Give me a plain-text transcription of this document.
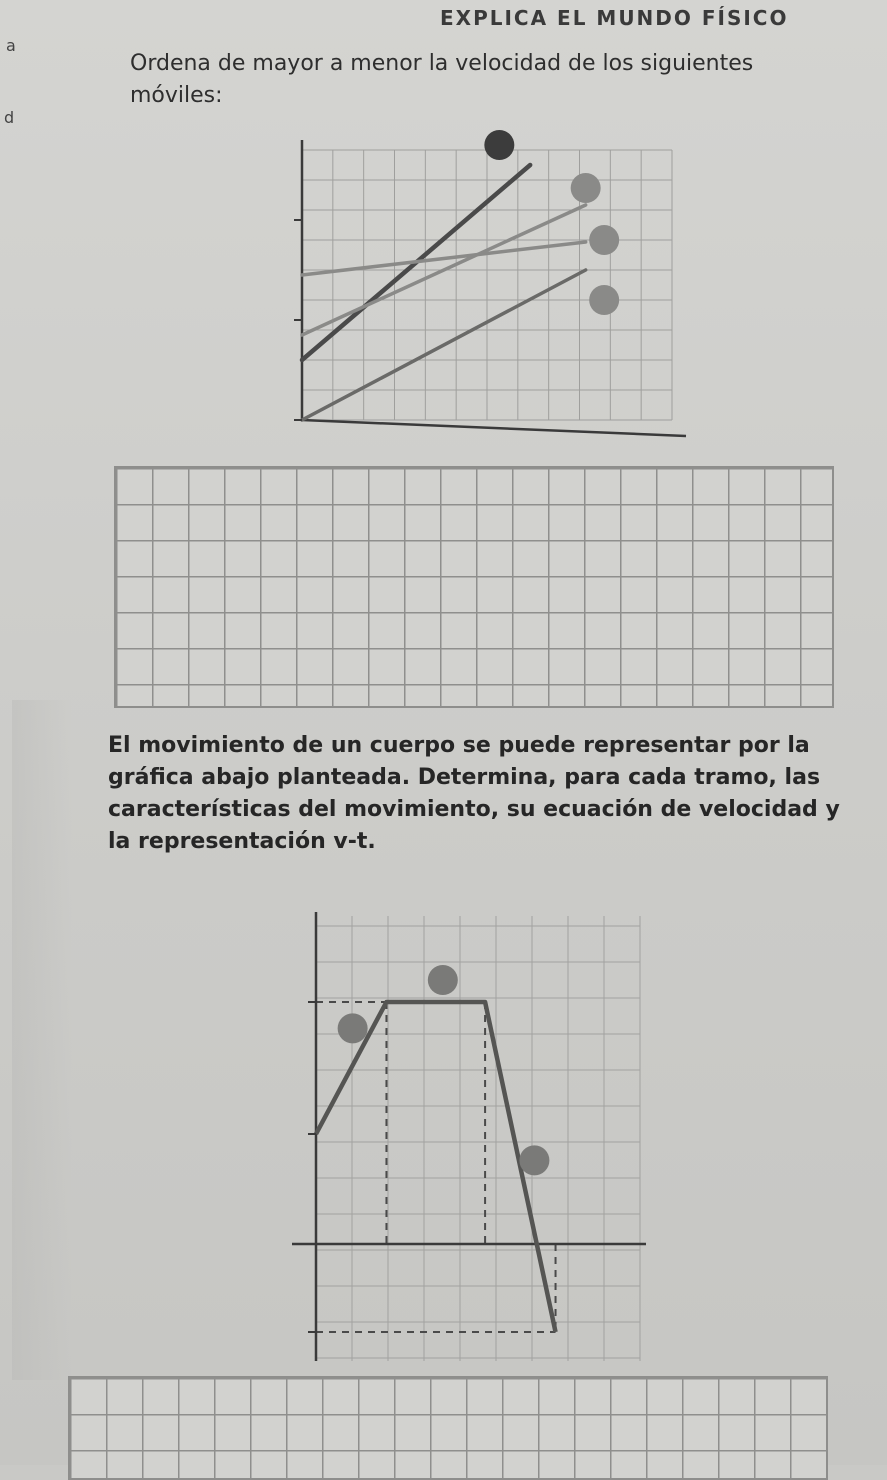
EXPLICA EL MUNDO FÍSICO
a
d
Ordena de mayor a menor la velocidad de los siguientes móviles:
El movimiento de un cuerpo se puede representar por la gráfica abajo planteada. Determina, para cada tramo, las características del movimiento, su ecuación de velocidad y la representación v-t.
